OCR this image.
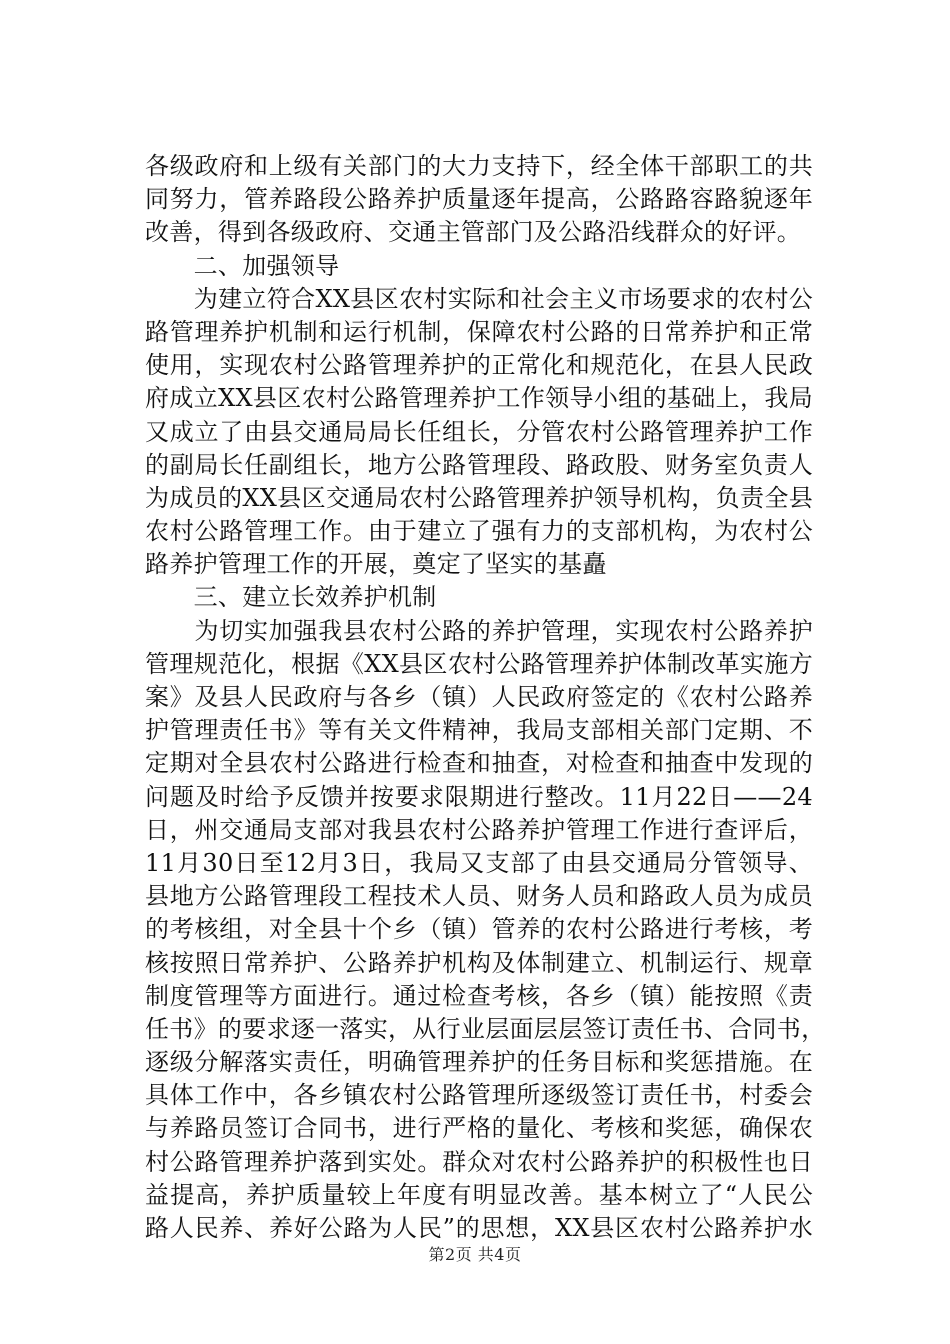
各级政府和上级有关部门的大力支持下，经全体干部职工的共
同努力，管养路段公路养护质量逐年提高，公路路容路貌逐年
改善，得到各级政府、交通主管部门及公路沿线群众的好评。
　　二、加强领导
　　为建立符合XX县区农村实际和社会主义市场要求的农村公
路管理养护机制和运行机制，保障农村公路的日常养护和正常
使用，实现农村公路管理养护的正常化和规范化，在县人民政
府成立XX县区农村公路管理养护工作领导小组的基础上，我局
又成立了由县交通局局长任组长，分管农村公路管理养护工作
的副局长任副组长，地方公路管理段、路政股、财务室负责人
为成员的XX县区交通局农村公路管理养护领导机构，负责全县
农村公路管理工作。由于建立了强有力的支部机构，为农村公
路养护管理工作的开展，奠定了坚实的基矗
　　三、建立长效养护机制
　　为切实加强我县农村公路的养护管理，实现农村公路养护
管理规范化，根据《XX县区农村公路管理养护体制改革实施方
案》及县人民政府与各乡（镇）人民政府签定的《农村公路养
护管理责任书》等有关文件精神，我局支部相关部门定期、不
定期对全县农村公路进行检查和抽查，对检查和抽查中发现的
问题及时给予反馈并按要求限期进行整改。11月22日——24
日，州交通局支部对我县农村公路养护管理工作进行查评后，
11月30日至12月3日，我局又支部了由县交通局分管领导、
县地方公路管理段工程技术人员、财务人员和路政人员为成员
的考核组，对全县十个乡（镇）管养的农村公路进行考核，考
核按照日常养护、公路养护机构及体制建立、机制运行、规章
制度管理等方面进行。通过检查考核，各乡（镇）能按照《责
任书》的要求逐一落实，从行业层面层层签订责任书、合同书，
逐级分解落实责任，明确管理养护的任务目标和奖惩措施。在
具体工作中，各乡镇农村公路管理所逐级签订责任书，村委会
与养路员签订合同书，进行严格的量化、考核和奖惩，确保农
村公路管理养护落到实处。群众对农村公路养护的积极性也日
益提高，养护质量较上年度有明显改善。基本树立了“人民公
路人民养、养好公路为人民”的思想，XX县区农村公路养护水
第2页 共4页
